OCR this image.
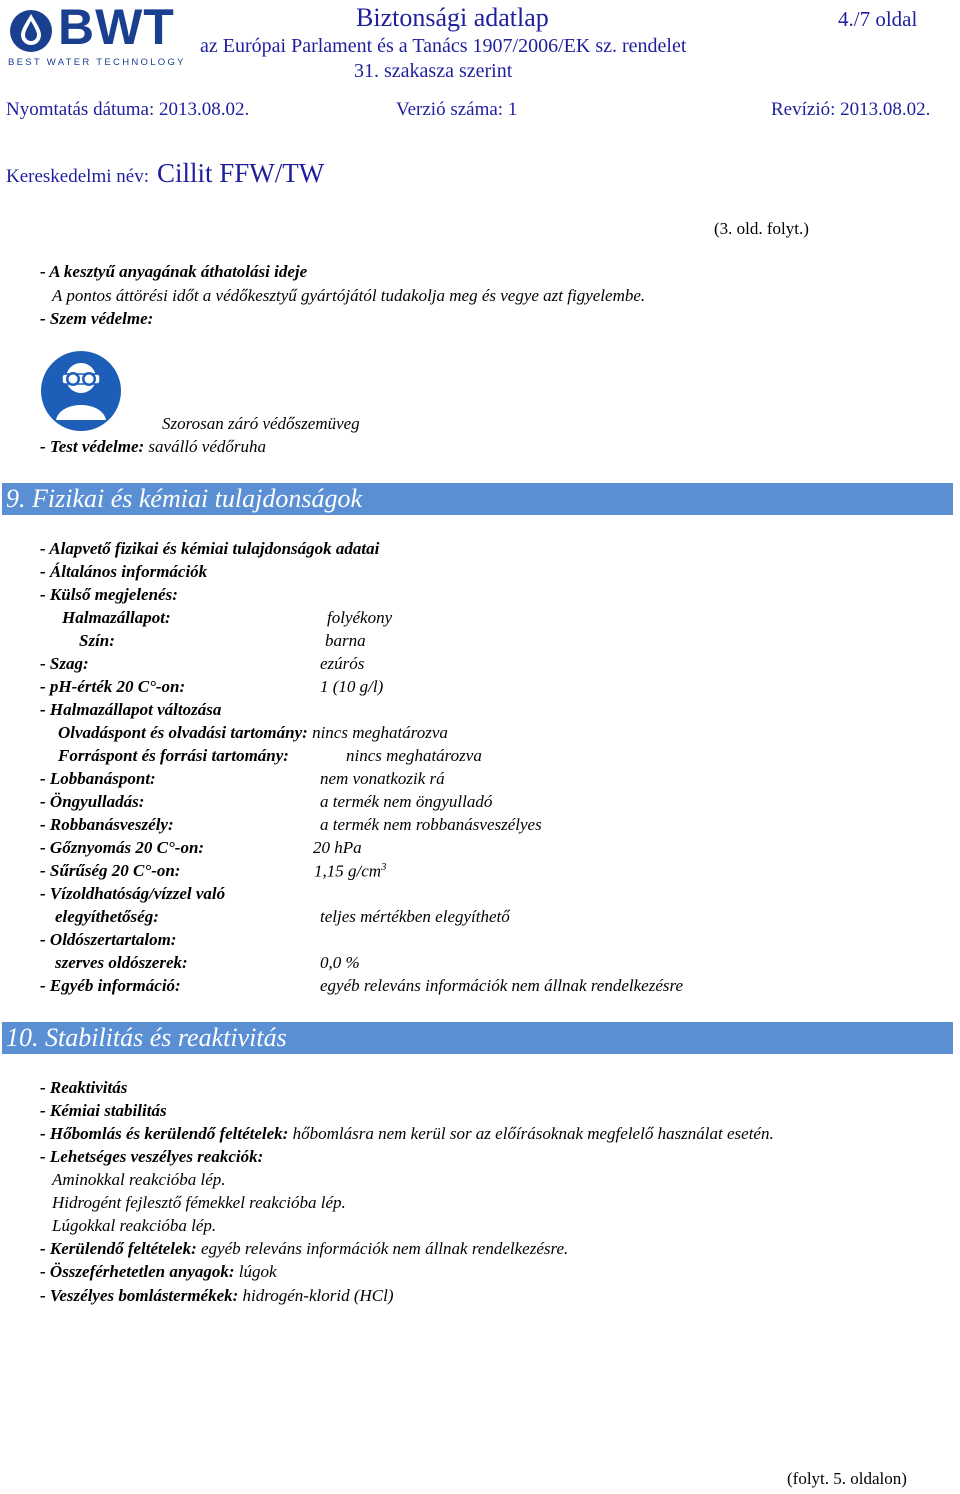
BWT
BEST WATER TECHNOLOGY
Biztonsági adatlap	4./7 oldal
az Európai Parlament és a Tanács 1907/2006/EK sz. rendelet
31. szakasza szerint
Nyomtatás dátuma: 2013.08.02.	Verzió száma: 1	Revízió: 2013.08.02.
Kereskedelmi név: Cillit FFW/TW
(3. old. folyt.)
- A kesztyű anyagának áthatolási ideje
A pontos áttörési időt a védőkesztyű gyártójától tudakolja meg és vegye azt figyelembe.
- Szem védelme:
Szorosan záró védőszemüveg
- Test védelme: saválló védőruha
9. Fizikai és kémiai tulajdonságok
- Alapvető fizikai és kémiai tulajdonságok adatai
- Általános információk
- Külső megjelenés:
Halmazállapot:	folyékony
Szín:	barna
- Szag:	ezúrós
- pH-érték 20 C°-on:	1 (10 g/l)
- Halmazállapot változása
Olvadáspont és olvadási tartomány: nincs meghatározva
Forráspont és forrási tartomány:	nincs meghatározva
- Lobbanáspont:	nem vonatkozik rá
- Öngyulladás:	a termék nem öngyulladó
- Robbanásveszély:	a termék nem robbanásveszélyes
- Gőznyomás 20 C°-on:	20 hPa
- Sűrűség 20 C°-on:	1,15 $g/cm^3$
- Vízoldhatóság/vízzel való
elegyíthetőség:	teljes mértékben elegyíthető
- Oldószertartalom:
szerves oldószerek:	0,0 %
- Egyéb információ:	egyéb releváns információk nem állnak rendelkezésre
10. Stabilitás és reaktivitás
- Reaktivitás
- Kémiai stabilitás
- Hőbomlás és kerülendő feltételek: hőbomlásra nem kerül sor az előírásoknak megfelelő használat esetén.
- Lehetséges veszélyes reakciók:
Aminokkal reakcióba lép.
Hidrogént fejlesztő fémekkel reakcióba lép.
Lúgokkal reakcióba lép.
- Kerülendő feltételek: egyéb releváns információk nem állnak rendelkezésre.
- Összeférhetetlen anyagok: lúgok
- Veszélyes bomlástermékek: hidrogén-klorid (HCl)
(folyt. 5. oldalon)
